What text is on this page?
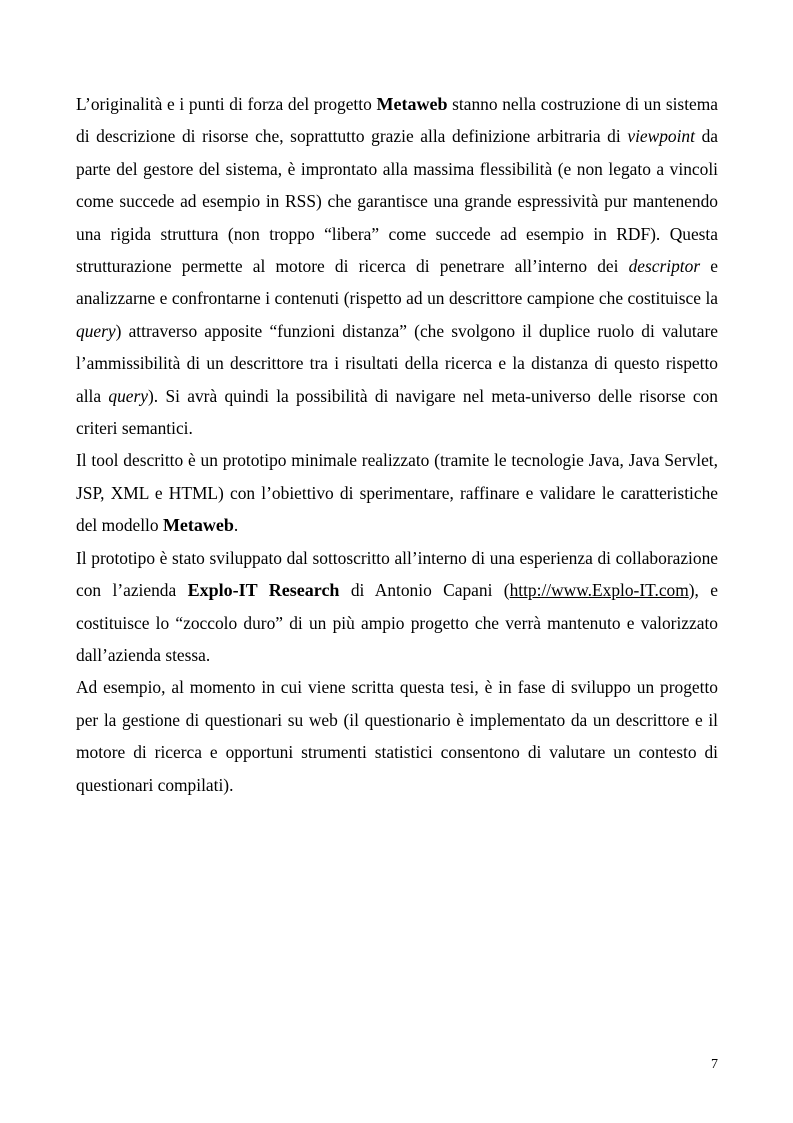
L’originalità e i punti di forza del progetto Metaweb stanno nella costruzione di un sistema di descrizione di risorse che, soprattutto grazie alla definizione arbitraria di viewpoint da parte del gestore del sistema, è improntato alla massima flessibilità (e non legato a vincoli come succede ad esempio in RSS) che garantisce una grande espressività pur mantenendo una rigida struttura (non troppo “libera” come succede ad esempio in RDF). Questa strutturazione permette al motore di ricerca di penetrare all’interno dei descriptor e analizzarne e confrontarne i contenuti (rispetto ad un descrittore campione che costituisce la query) attraverso apposite “funzioni distanza” (che svolgono il duplice ruolo di valutare l’ammissibilità di un descrittore tra i risultati della ricerca e la distanza di questo rispetto alla query). Si avrà quindi la possibilità di navigare nel meta-universo delle risorse con criteri semantici.

Il tool descritto è un prototipo minimale realizzato (tramite le tecnologie Java, Java Servlet, JSP, XML e HTML) con l’obiettivo di sperimentare, raffinare e validare le caratteristiche del modello Metaweb.

Il prototipo è stato sviluppato dal sottoscritto all’interno di una esperienza di collaborazione con l’azienda Explo-IT Research di Antonio Capani (http://www.Explo-IT.com), e costituisce lo “zoccolo duro” di un più ampio progetto che verrà mantenuto e valorizzato dall’azienda stessa.

Ad esempio, al momento in cui viene scritta questa tesi, è in fase di sviluppo un progetto per la gestione di questionari su web (il questionario è implementato da un descrittore e il motore di ricerca e opportuni strumenti statistici consentono di valutare un contesto di questionari compilati).

7
